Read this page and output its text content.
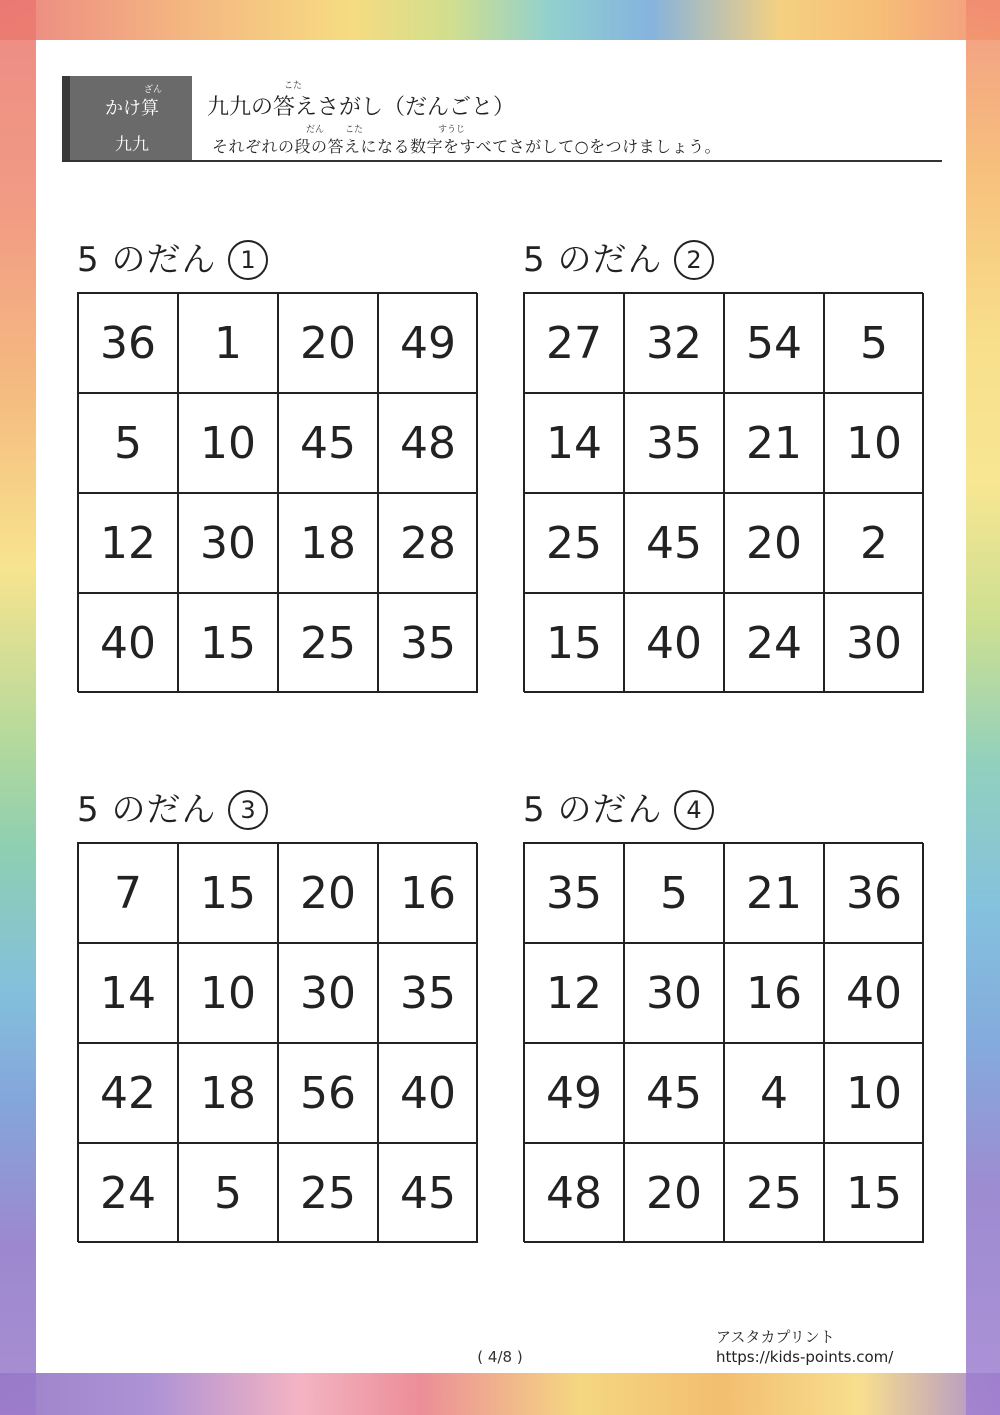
ざん
かけ算
九九
こた
九九の答えさがし（だんごと）
だん こた	すうじ
それぞれの段の答えになる数字をすべてさがして○をつけましょう。
5 のだん 1
36	1	20	49
5	10	45	48
12	30	18	28
40	15	25	35
5 のだん 2
27	32	54	5
14	35	21	10
25	45	20	2
15	40	24	30
5 のだん 3
7	15	20	16
14	10	30	35
42	18	56	40
24	5	25	45
5 のだん 4
35	5	21	36
12	30	16	40
49	45	4	10
48	20	25	15
( 4/8 )
アスタカプリント
https://kids-points.com/
